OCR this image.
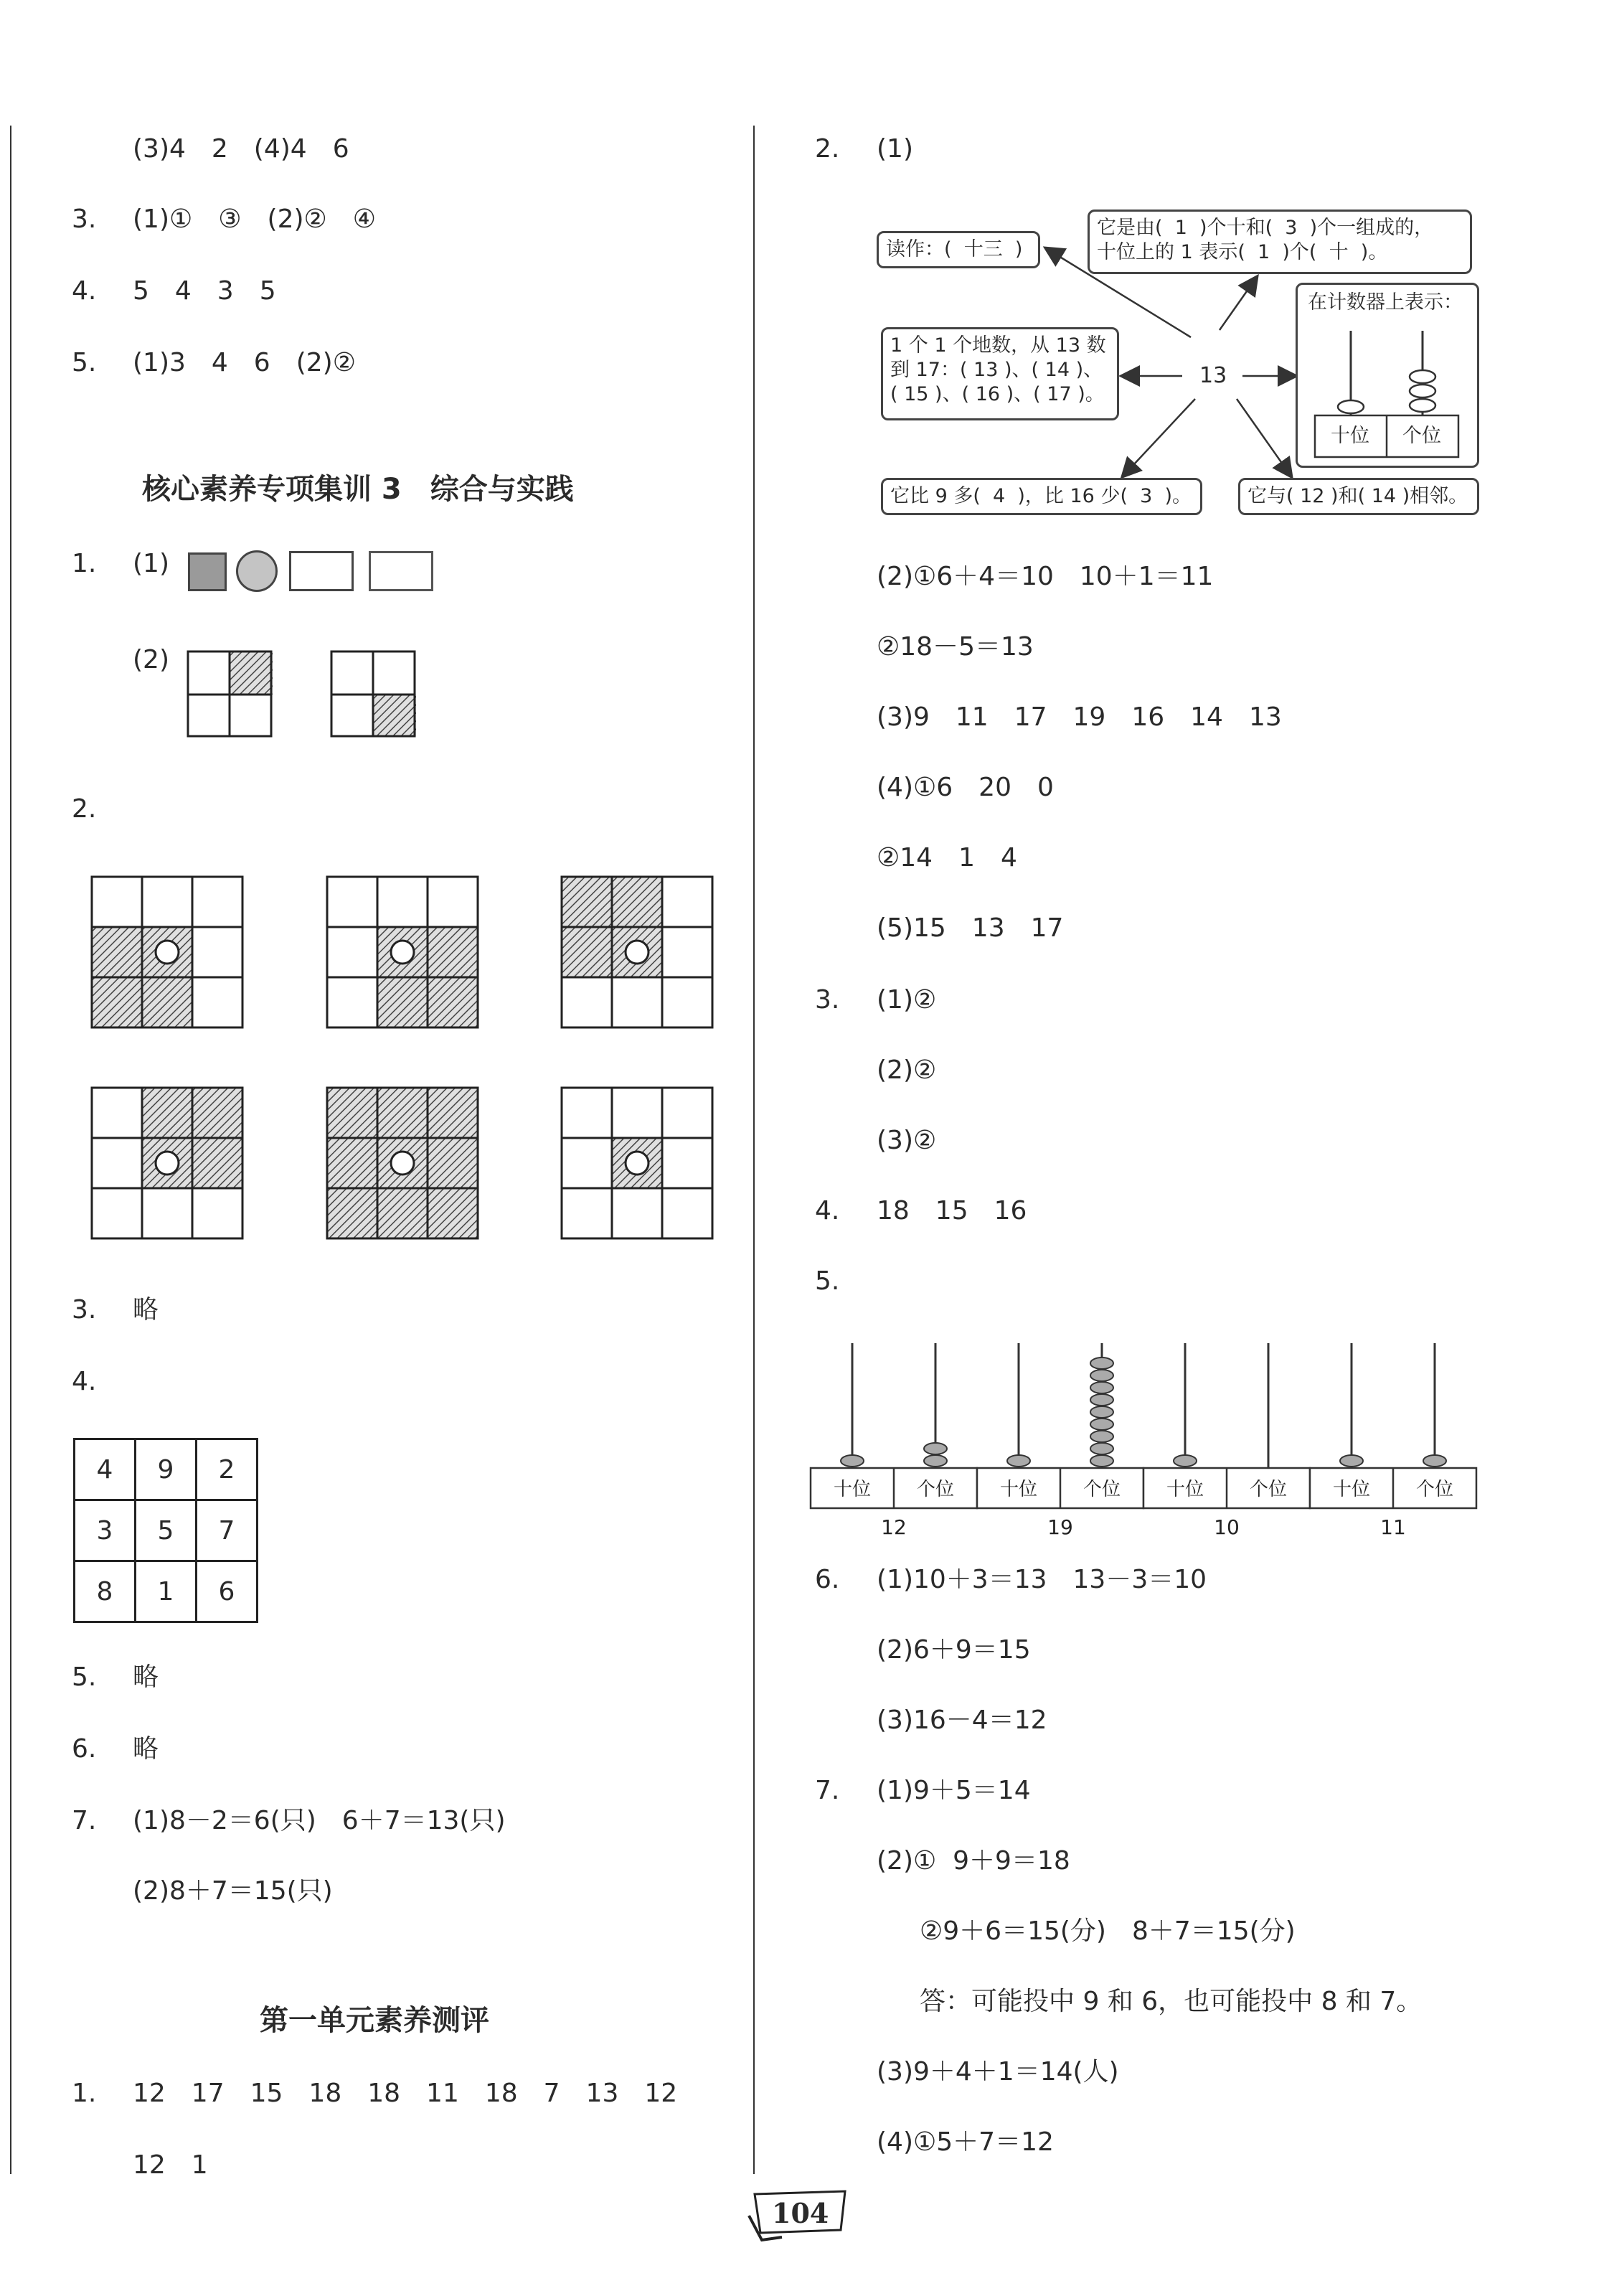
(3)4　2　(4)4　6
3. (1)①　③　(2)②　④
4. 5　4　3　5
5. (1)3　4　6　(2)②
核心素养专项集训 3　综合与实践
1. (1)
(2)
2.
3. 略
4.
4	9	2
3	5	7
8	1	6
5. 略
6. 略
7. (1)8－2＝6(只)　6＋7＝13(只)
(2)8＋7＝15(只)
第一单元素养测评
1. 12　17　15　18　18　11　18　7　13　12
12　1
2. (1)
13
读作：(  十三  )
它是由(  1  )个十和(  3  )个一组成的，
十位上的 1 表示(  1  )个(  十  )。
1 个 1 个地数，从 13 数
到 17：( 13 )、( 14 )、
( 15 )、( 16 )、( 17 )。
它比 9 多(  4  )，比 16 少(  3  )。	它与( 12 )和( 14 )相邻。

在计数器上表示：

十位

个位

(2)①6＋4＝10　10＋1＝11
②18－5＝13
(3)9　11　17　19　16　14　13
(4)①6　20　0
②14　1　4
(5)15　13　17
3. (1)②
(2)②
(3)②
4. 18　15　16
5.
十位 个位
12
十位 个位
19
十位 个位
10
十位 个位
11
6. (1)10＋3＝13　13－3＝10
(2)6＋9＝15
(3)16－4＝12
7. (1)9＋5＝14
(2)①  9＋9＝18
②9＋6＝15(分)　8＋7＝15(分)
答：可能投中 9 和 6，也可能投中 8 和 7。
(3)9＋4＋1＝14(人)
(4)①5＋7＝12
104
